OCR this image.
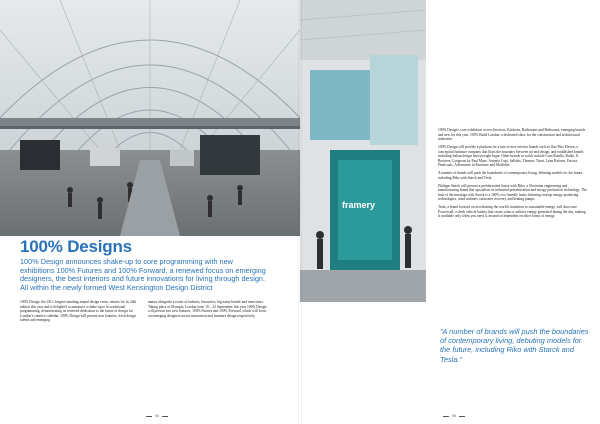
100% Designs
100% Design announces shake-up to core programming with new exhibitions 100% Futures and 100% Forward, a renewed focus on emerging designers, the best interiors and future innovations for living through design. All within the newly formed West Kensington Design District

100% Design, the UK's longest-standing annual design event, returns for its 24th edition this year and is delighted to announce a shake-up to its traditional programming, demonstrating its renewed dedication to the future of design for London's creative calendar. 100% Design will present new features, fresh design talents and emerging

names alongside a roster of industry favourites, big name brands and innovators. Taking place at Olympia, London from 19 – 22 September, this year 100% Design will present two new features, 100% Futures and 100% Forward, which will focus on emerging designers across innovation and furniture design respectively.

framery

100% Design's core exhibition covers Interiors, Kitchens, Bathrooms and Bedrooms, emerging brands and new for this year, 100% Build London, a dedicated show for the construction and architectural industries.

100% Design will provide a platform for a mix of new interior brands such as One Plus Eleven, a conceptual furniture company that blurs the boundary between art and design, and established brands including Italian design heavyweight Ingar. Other brands to watch include Casa Rotella, Bulbs, Il Bossiere, Gorgeous by Paul Muse, Antonio Lupi, Sallsbis, Thomas, Tisari, Lynn Reform, Facosa, Pinetcoats, Adventures in Furniture and Muffinbe.

A number of brands will push the boundaries of contemporary living, debuting models for the future, including Riko with Starck and Tesla.

Philippe Starck will present a prefabricated house with Riko, a Slovenian engineering and manufacturing brand that specialises in industrial prefabrication and energy production technology. The fruit of the marriage with Starck is a 100% eco-friendly home featuring rooftop energy producing technologies, wind turbines, rainwater recovery and heating pumps.

Tesla, a brand focused on accelerating the world's transition to sustainable energy, will showcase Powerwall, a sleek vehicle battery that stores solar or utilities energy generated during the day, making it available only when you need it, instead of dependent on other forms of energy.

“A number of brands will push the boundaries of contemporary living, debuting models for the future, including Riko with Starck and Tesla.”
94	95
